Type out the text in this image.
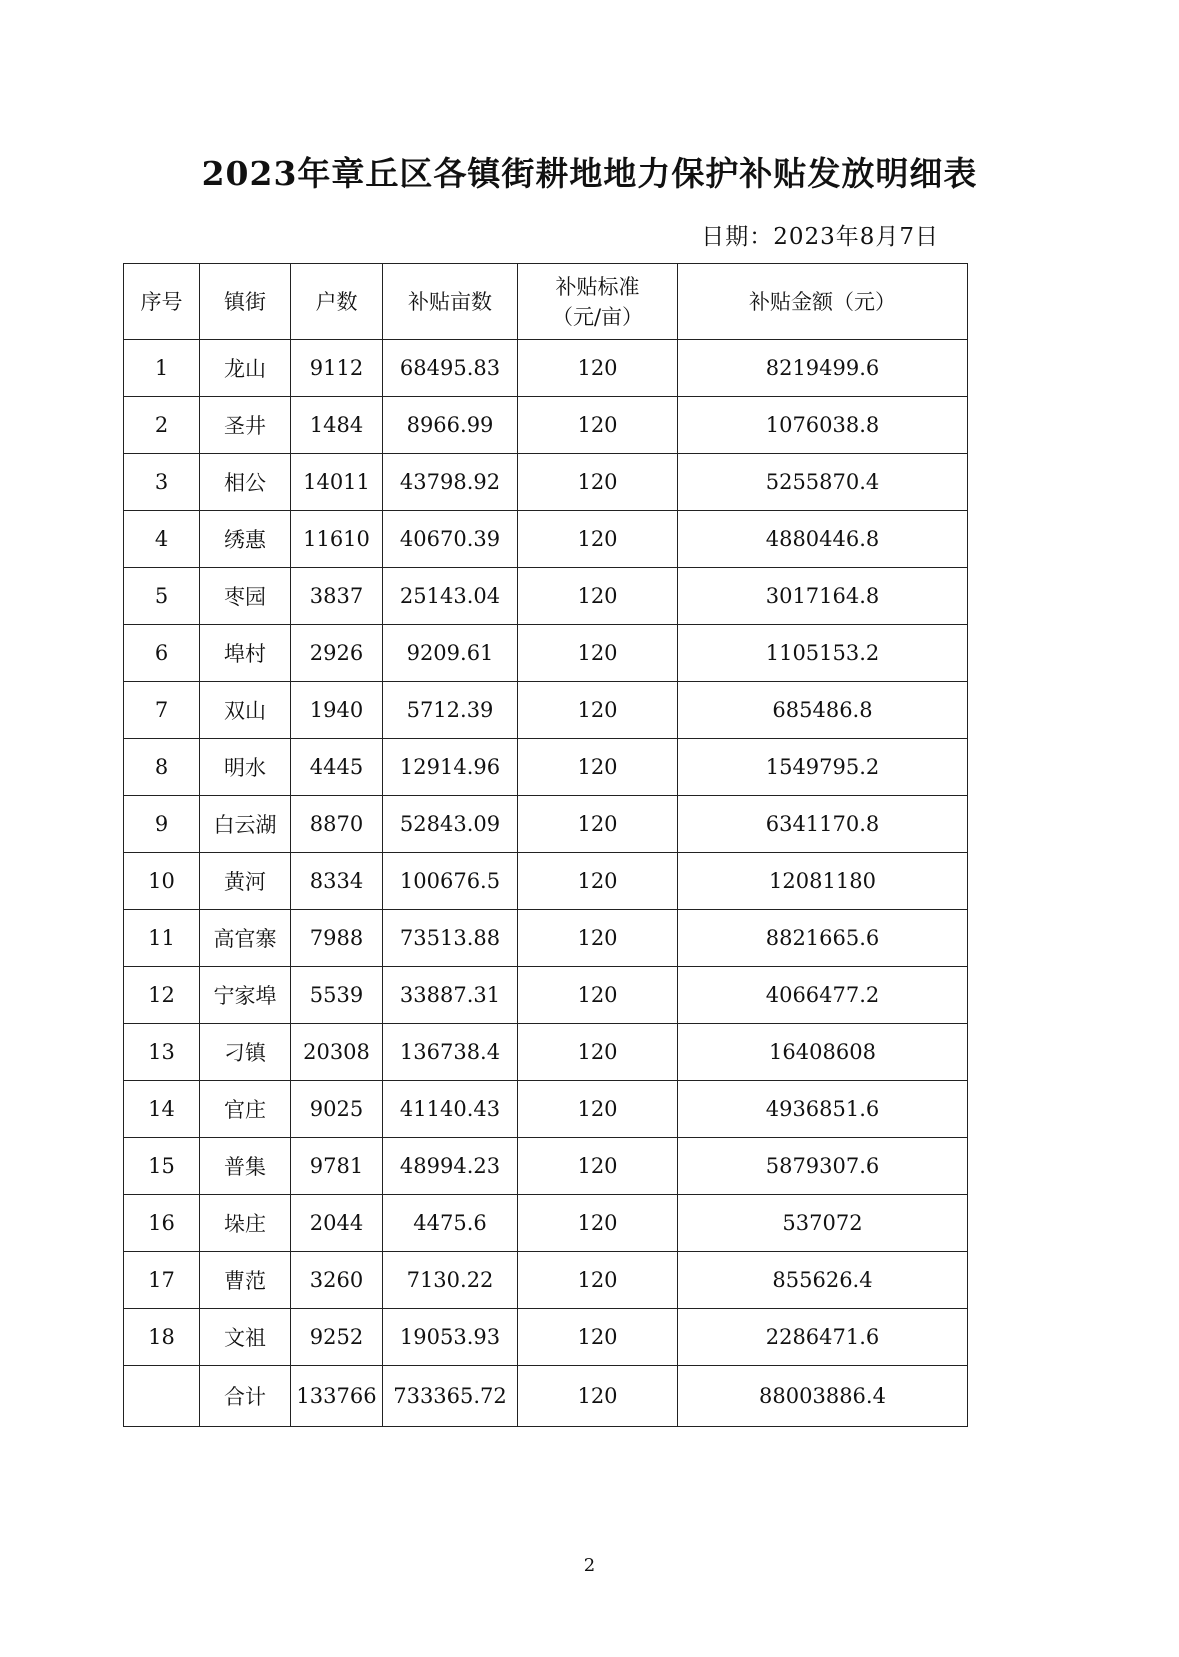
2023年章丘区各镇街耕地地力保护补贴发放明细表
日期：2023年8月7日
序号	镇街	户数	补贴亩数	补贴标准（元/亩）	补贴金额（元）
1	龙山	9112	68495.83	120	8219499.6
2	圣井	1484	8966.99	120	1076038.8
3	相公	14011	43798.92	120	5255870.4
4	绣惠	11610	40670.39	120	4880446.8
5	枣园	3837	25143.04	120	3017164.8
6	埠村	2926	9209.61	120	1105153.2
7	双山	1940	5712.39	120	685486.8
8	明水	4445	12914.96	120	1549795.2
9	白云湖	8870	52843.09	120	6341170.8
10	黄河	8334	100676.5	120	12081180
11	高官寨	7988	73513.88	120	8821665.6
12	宁家埠	5539	33887.31	120	4066477.2
13	刁镇	20308	136738.4	120	16408608
14	官庄	9025	41140.43	120	4936851.6
15	普集	9781	48994.23	120	5879307.6
16	垛庄	2044	4475.6	120	537072
17	曹范	3260	7130.22	120	855626.4
18	文祖	9252	19053.93	120	2286471.6
	合计	133766	733365.72	120	88003886.4
2
